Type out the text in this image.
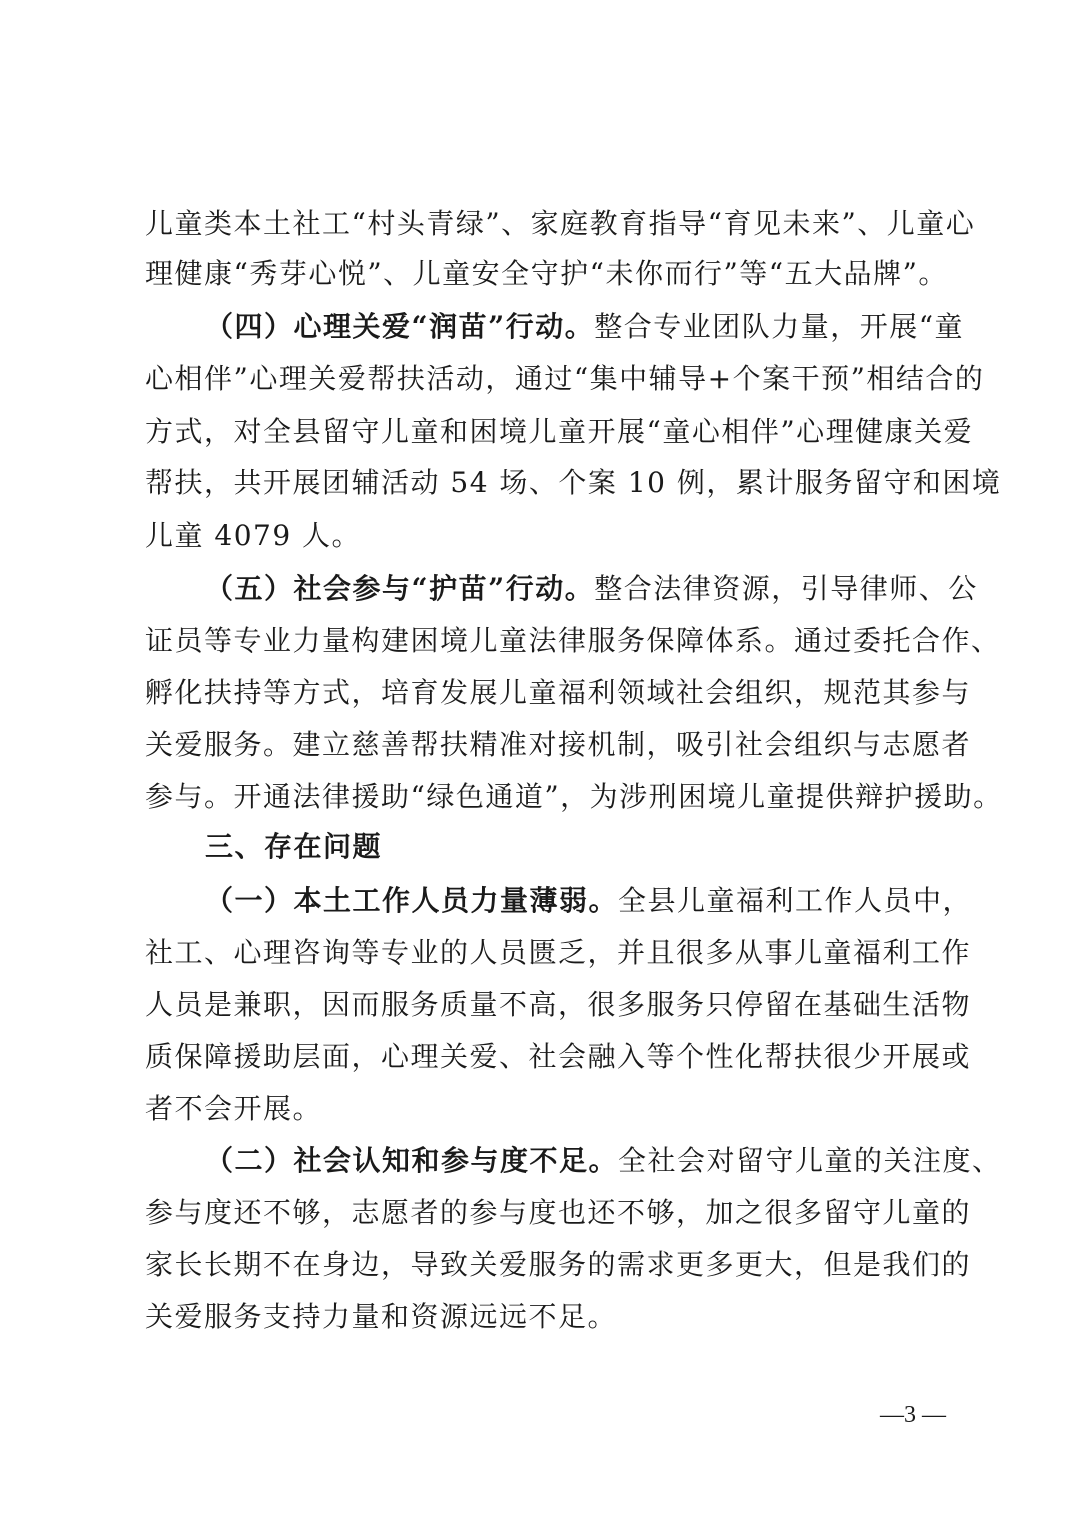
儿童类本土社工“村头青绿”、家庭教育指导“育见未来”、儿童心
理健康“秀芽心悦”、儿童安全守护“未你而行”等“五大品牌”。
（四）心理关爱“润苗”行动。整合专业团队力量，开展“童
心相伴”心理关爱帮扶活动，通过“集中辅导+个案干预”相结合的
方式，对全县留守儿童和困境儿童开展“童心相伴”心理健康关爱
帮扶，共开展团辅活动 54 场、个案 10 例，累计服务留守和困境
儿童 4079 人。
（五）社会参与“护苗”行动。整合法律资源，引导律师、公
证员等专业力量构建困境儿童法律服务保障体系。通过委托合作、
孵化扶持等方式，培育发展儿童福利领域社会组织，规范其参与
关爱服务。建立慈善帮扶精准对接机制，吸引社会组织与志愿者
参与。开通法律援助“绿色通道”，为涉刑困境儿童提供辩护援助。
三、存在问题
（一）本土工作人员力量薄弱。全县儿童福利工作人员中，
社工、心理咨询等专业的人员匮乏，并且很多从事儿童福利工作
人员是兼职，因而服务质量不高，很多服务只停留在基础生活物
质保障援助层面，心理关爱、社会融入等个性化帮扶很少开展或
者不会开展。
（二）社会认知和参与度不足。全社会对留守儿童的关注度、
参与度还不够，志愿者的参与度也还不够，加之很多留守儿童的
家长长期不在身边，导致关爱服务的需求更多更大，但是我们的
关爱服务支持力量和资源远远不足。
—3 —
